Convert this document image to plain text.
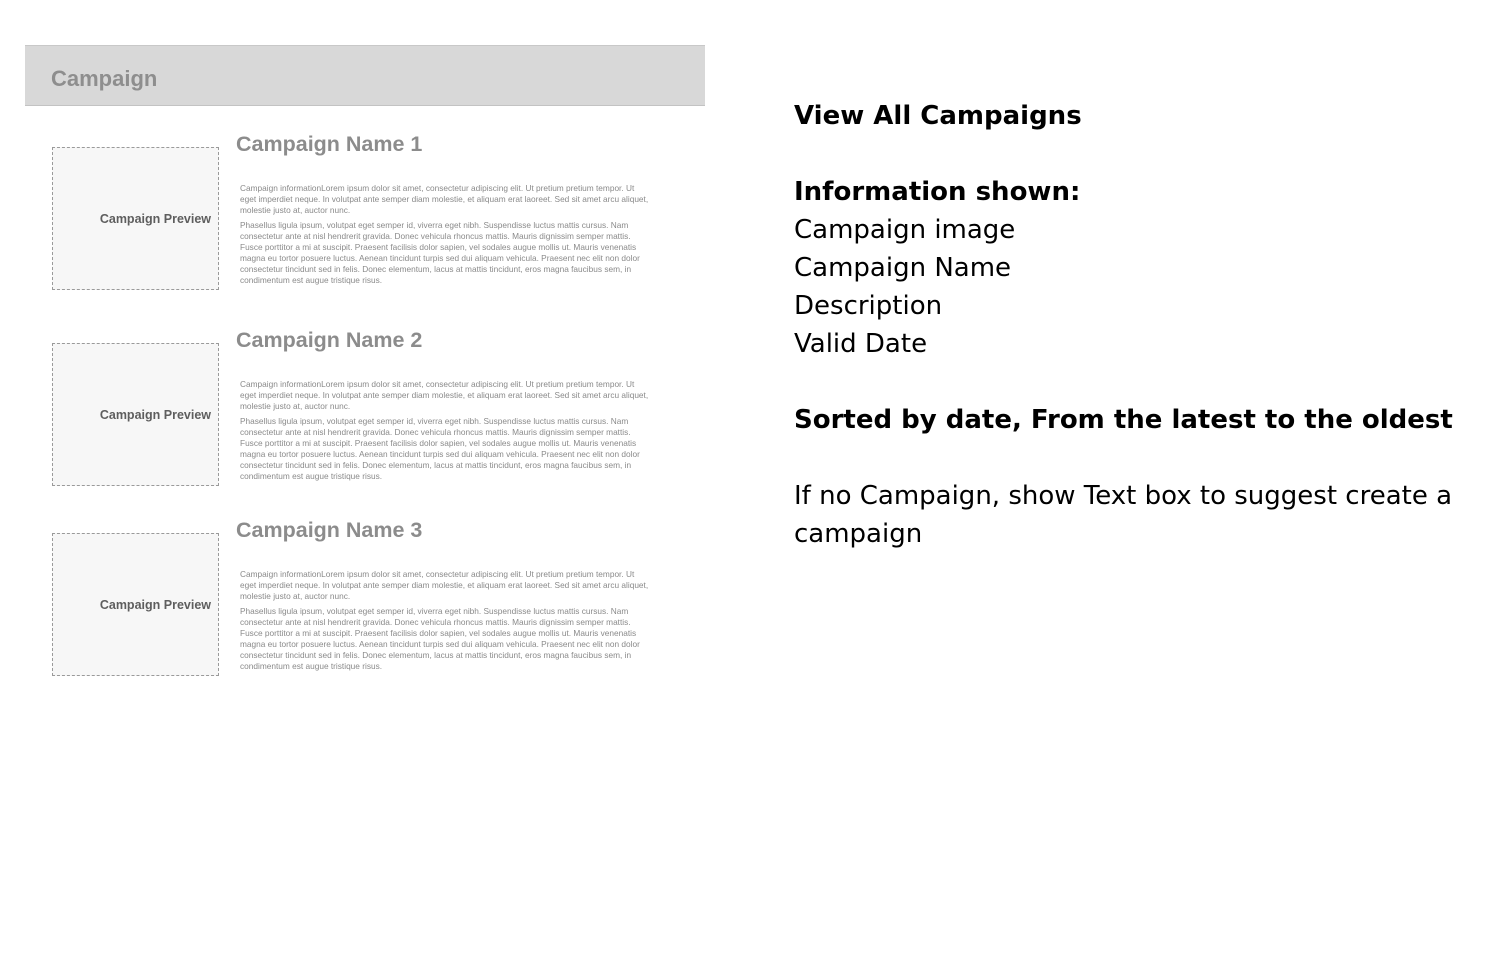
Campaign
Campaign Preview
Campaign Name 1

Campaign informationLorem ipsum dolor sit amet, consectetur adipiscing elit. Ut pretium pretium tempor. Ut eget imperdiet neque. In volutpat ante semper diam molestie, et aliquam erat laoreet. Sed sit amet arcu aliquet, molestie justo at, auctor nunc.

Phasellus ligula ipsum, volutpat eget semper id, viverra eget nibh. Suspendisse luctus mattis cursus. Nam consectetur ante at nisl hendrerit gravida. Donec vehicula rhoncus mattis. Mauris dignissim semper mattis. Fusce porttitor a mi at suscipit. Praesent facilisis dolor sapien, vel sodales augue mollis ut. Mauris venenatis magna eu tortor posuere luctus. Aenean tincidunt turpis sed dui aliquam vehicula. Praesent nec elit non dolor consectetur tincidunt sed in felis. Donec elementum, lacus at mattis tincidunt, eros magna faucibus sem, in condimentum est augue tristique risus.

Campaign Preview
Campaign Name 2

Campaign informationLorem ipsum dolor sit amet, consectetur adipiscing elit. Ut pretium pretium tempor. Ut eget imperdiet neque. In volutpat ante semper diam molestie, et aliquam erat laoreet. Sed sit amet arcu aliquet, molestie justo at, auctor nunc.

Phasellus ligula ipsum, volutpat eget semper id, viverra eget nibh. Suspendisse luctus mattis cursus. Nam consectetur ante at nisl hendrerit gravida. Donec vehicula rhoncus mattis. Mauris dignissim semper mattis. Fusce porttitor a mi at suscipit. Praesent facilisis dolor sapien, vel sodales augue mollis ut. Mauris venenatis magna eu tortor posuere luctus. Aenean tincidunt turpis sed dui aliquam vehicula. Praesent nec elit non dolor consectetur tincidunt sed in felis. Donec elementum, lacus at mattis tincidunt, eros magna faucibus sem, in condimentum est augue tristique risus.

Campaign Preview
Campaign Name 3

Campaign informationLorem ipsum dolor sit amet, consectetur adipiscing elit. Ut pretium pretium tempor. Ut eget imperdiet neque. In volutpat ante semper diam molestie, et aliquam erat laoreet. Sed sit amet arcu aliquet, molestie justo at, auctor nunc.

Phasellus ligula ipsum, volutpat eget semper id, viverra eget nibh. Suspendisse luctus mattis cursus. Nam consectetur ante at nisl hendrerit gravida. Donec vehicula rhoncus mattis. Mauris dignissim semper mattis. Fusce porttitor a mi at suscipit. Praesent facilisis dolor sapien, vel sodales augue mollis ut. Mauris venenatis magna eu tortor posuere luctus. Aenean tincidunt turpis sed dui aliquam vehicula. Praesent nec elit non dolor consectetur tincidunt sed in felis. Donec elementum, lacus at mattis tincidunt, eros magna faucibus sem, in condimentum est augue tristique risus.

View All Campaigns
Information shown:
Campaign image
Campaign Name
Description
Valid Date
Sorted by date, From the latest to the oldest
If no Campaign, show Text box to suggest create a
campaign
